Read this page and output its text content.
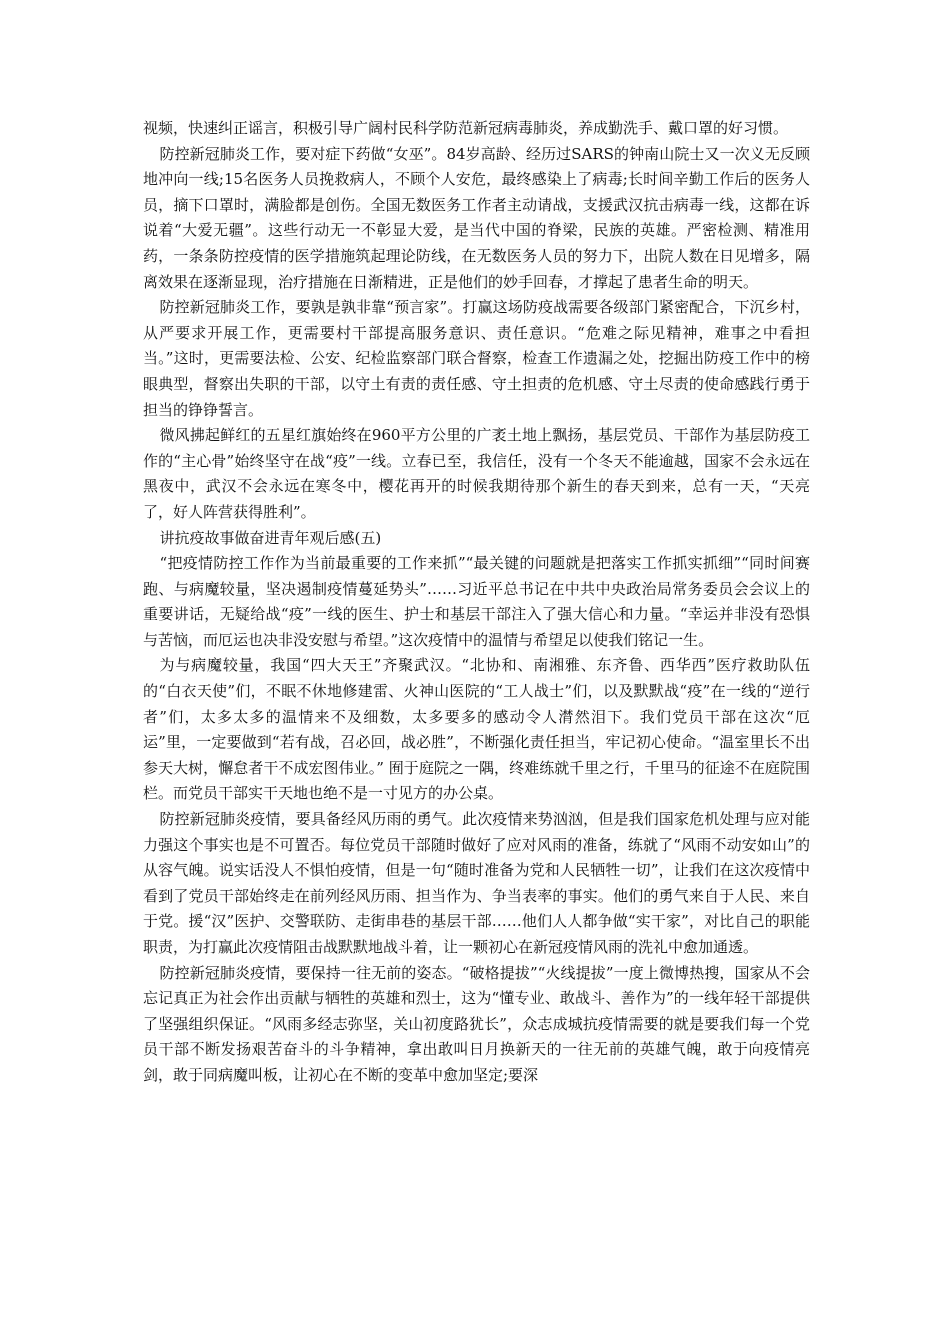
视频，快速纠正谣言，积极引导广阔村民科学防范新冠病毒肺炎，养成勤洗手、戴口罩的好习惯。

防控新冠肺炎工作，要对症下药做“女巫”。84岁高龄、经历过SARS的钟南山院士又一次义无反顾地冲向一线;15名医务人员挽救病人，不顾个人安危，最终感染上了病毒;长时间辛勤工作后的医务人员，摘下口罩时，满脸都是创伤。全国无数医务工作者主动请战，支援武汉抗击病毒一线，这都在诉说着“大爱无疆”。这些行动无一不彰显大爱，是当代中国的脊梁，民族的英雄。严密检测、精准用药，一条条防控疫情的医学措施筑起理论防线，在无数医务人员的努力下，出院人数在日见增多，隔离效果在逐渐显现，治疗措施在日渐精进，正是他们的妙手回春，才撑起了患者生命的明天。

防控新冠肺炎工作，要孰是孰非靠“预言家”。打赢这场防疫战需要各级部门紧密配合，下沉乡村，从严要求开展工作，更需要村干部提高服务意识、责任意识。“危难之际见精神，难事之中看担当。”这时，更需要法检、公安、纪检监察部门联合督察，检查工作遗漏之处，挖掘出防疫工作中的榜眼典型，督察出失职的干部，以守土有责的责任感、守土担责的危机感、守土尽责的使命感践行勇于担当的铮铮誓言。

微风拂起鲜红的五星红旗始终在960平方公里的广袤土地上飘扬，基层党员、干部作为基层防疫工作的“主心骨”始终坚守在战“疫”一线。立春已至，我信任，没有一个冬天不能逾越，国家不会永远在黑夜中，武汉不会永远在寒冬中，樱花再开的时候我期待那个新生的春天到来，总有一天，“天亮了，好人阵营获得胜利”。

讲抗疫故事做奋进青年观后感(五)

“把疫情防控工作作为当前最重要的工作来抓”“最关键的问题就是把落实工作抓实抓细”“同时间赛跑、与病魔较量，坚决遏制疫情蔓延势头”……习近平总书记在中共中央政治局常务委员会会议上的重要讲话，无疑给战“疫”一线的医生、护士和基层干部注入了强大信心和力量。“幸运并非没有恐惧与苦恼，而厄运也决非没安慰与希望。”这次疫情中的温情与希望足以使我们铭记一生。

为与病魔较量，我国“四大天王”齐聚武汉。“北协和、南湘雅、东齐鲁、西华西”医疗救助队伍的“白衣天使”们，不眠不休地修建雷、火神山医院的“工人战士”们，以及默默战“疫”在一线的“逆行者”们，太多太多的温情来不及细数，太多要多的感动令人潸然泪下。我们党员干部在这次“厄运”里，一定要做到“若有战，召必回，战必胜”，不断强化责任担当，牢记初心使命。“温室里长不出参天大树，懈怠者干不成宏图伟业。” 囿于庭院之一隅，终难练就千里之行，千里马的征途不在庭院围栏。而党员干部实干天地也绝不是一寸见方的办公桌。

防控新冠肺炎疫情，要具备经风历雨的勇气。此次疫情来势汹汹，但是我们国家危机处理与应对能力强这个事实也是不可置否。每位党员干部随时做好了应对风雨的准备，练就了“风雨不动安如山”的从容气魄。说实话没人不惧怕疫情，但是一句“随时准备为党和人民牺牲一切”，让我们在这次疫情中看到了党员干部始终走在前列经风历雨、担当作为、争当表率的事实。他们的勇气来自于人民、来自于党。援“汉”医护、交警联防、走街串巷的基层干部……他们人人都争做“实干家”，对比自己的职能职责，为打赢此次疫情阻击战默默地战斗着，让一颗初心在新冠疫情风雨的洗礼中愈加通透。

防控新冠肺炎疫情，要保持一往无前的姿态。“破格提拔”“火线提拔”一度上微博热搜，国家从不会忘记真正为社会作出贡献与牺牲的英雄和烈士，这为“懂专业、敢战斗、善作为”的一线年轻干部提供了坚强组织保证。“风雨多经志弥坚，关山初度路犹长”，众志成城抗疫情需要的就是要我们每一个党员干部不断发扬艰苦奋斗的斗争精神，拿出敢叫日月换新天的一往无前的英雄气魄，敢于向疫情亮剑，敢于同病魔叫板，让初心在不断的变革中愈加坚定;要深
